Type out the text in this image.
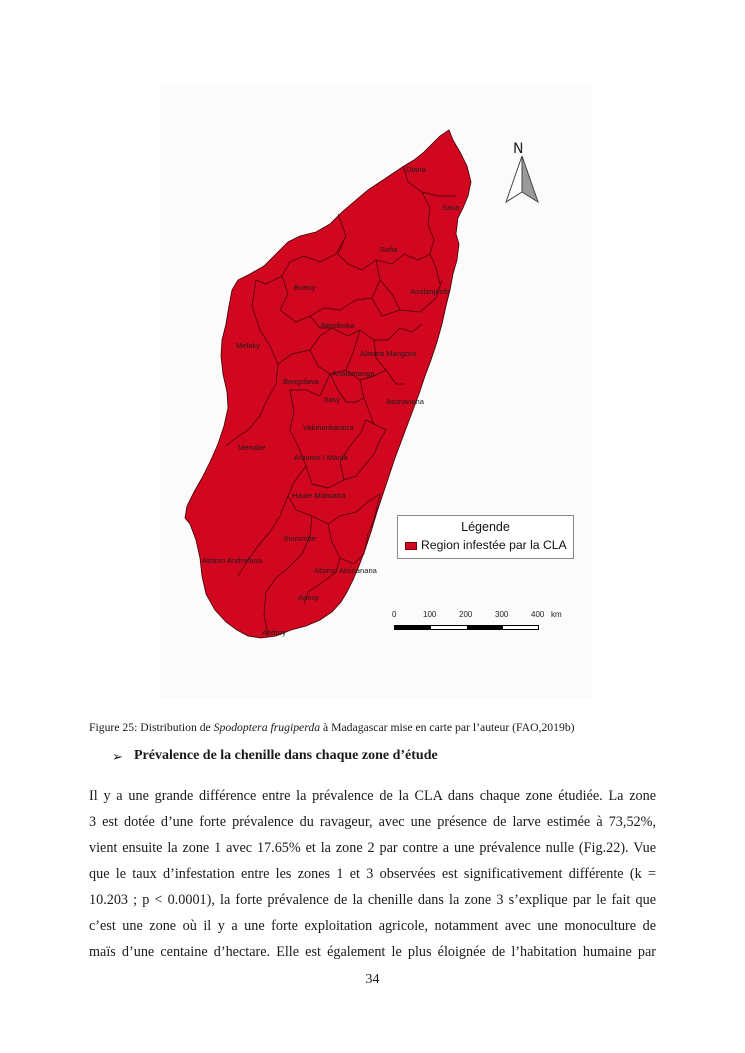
Diana
Sava
Sofia
Boeny	Analanjirofo
Betsiboka
Melaky
Alaotra Mangoro
Analamanga
Bongolava
Itasy	Atsinanana
Vakinankaratra
Menabe
Amoron I Mania
Haute Matsiatra
Ihorombe
Atsimo Andrefana
Atsimo Atsinanana
Anosy
Androy
N
Légende
Region infestée par la CLA
0	100	200	300	400 km
Figure 25: Distribution de Spodoptera frugiperda à Madagascar mise en carte par l’auteur (FAO,2019b)
➢ Prévalence de la chenille dans chaque zone d’étude
Il y a une grande différence entre la prévalence de la CLA dans chaque zone étudiée. La zone
3 est dotée d’une forte prévalence du ravageur, avec une présence de larve estimée à 73,52%,
vient ensuite la zone 1 avec 17.65% et la zone 2 par contre a une prévalence nulle (Fig.22). Vue
que le taux d’infestation entre les zones 1 et 3 observées est significativement différente (k =
10.203 ; p < 0.0001), la forte prévalence de la chenille dans la zone 3 s’explique par le fait que
c’est une zone où il y a une forte exploitation agricole, notamment avec une monoculture de
maïs d’une centaine d’hectare. Elle est également le plus éloignée de l’habitation humaine par
34
